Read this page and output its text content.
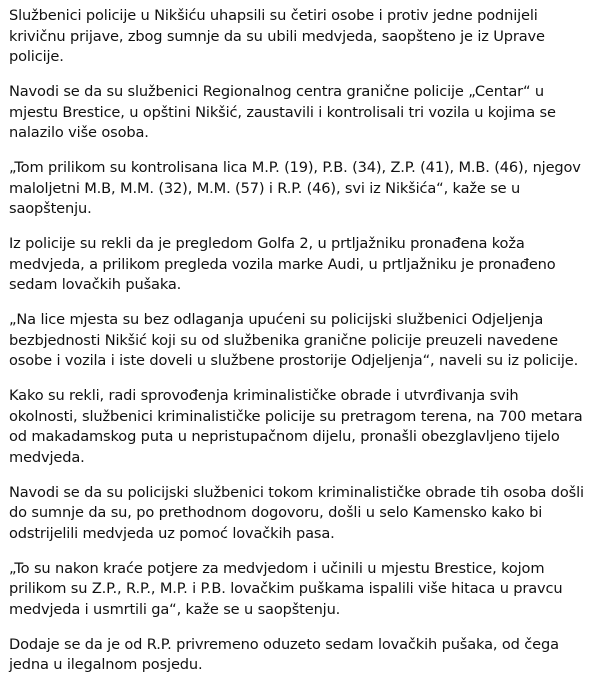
Službenici policije u Nikšiću uhapsili su četiri osobe i protiv jedne podnijeli krivičnu prijave, zbog sumnje da su ubili medvjeda, saopšteno je iz Uprave policije.

Navodi se da su službenici Regionalnog centra granične policije „Centar“ u mjestu Brestice, u opštini Nikšić, zaustavili i kontrolisali tri vozila u kojima se nalazilo više osoba.

„Tom prilikom su kontrolisana lica M.P. (19), P.B. (34), Z.P. (41), M.B. (46), njegov maloljetni M.B, M.M. (32), M.M. (57) i R.P. (46), svi iz Nikšića“, kaže se u saopštenju.

Iz policije su rekli da je pregledom Golfa 2, u prtljažniku pronađena koža medvjeda, a prilikom pregleda vozila marke Audi, u prtljažniku je pronađeno sedam lovačkih pušaka.

„Na lice mjesta su bez odlaganja upućeni su policijski službenici Odjeljenja bezbjednosti Nikšić koji su od službenika granične policije preuzeli navedene osobe i vozila i iste doveli u službene prostorije Odjeljenja“, naveli su iz policije.

Kako su rekli, radi sprovođenja kriminalističke obrade i utvrđivanja svih okolnosti, službenici kriminalističke policije su pretragom terena, na 700 metara od makadamskog puta u nepristupačnom dijelu, pronašli obezglavljeno tijelo medvjeda.

Navodi se da su policijski službenici tokom kriminalističke obrade tih osoba došli do sumnje da su, po prethodnom dogovoru, došli u selo Kamensko kako bi odstrijelili medvjeda uz pomoć lovačkih pasa.

„To su nakon kraće potjere za medvjedom i učinili u mjestu Brestice, kojom prilikom su Z.P., R.P., M.P. i P.B. lovačkim puškama ispalili više hitaca u pravcu medvjeda i usmrtili ga“, kaže se u saopštenju.

Dodaje se da je od R.P. privremeno oduzeto sedam lovačkih pušaka, od čega jedna u ilegalnom posjedu.
